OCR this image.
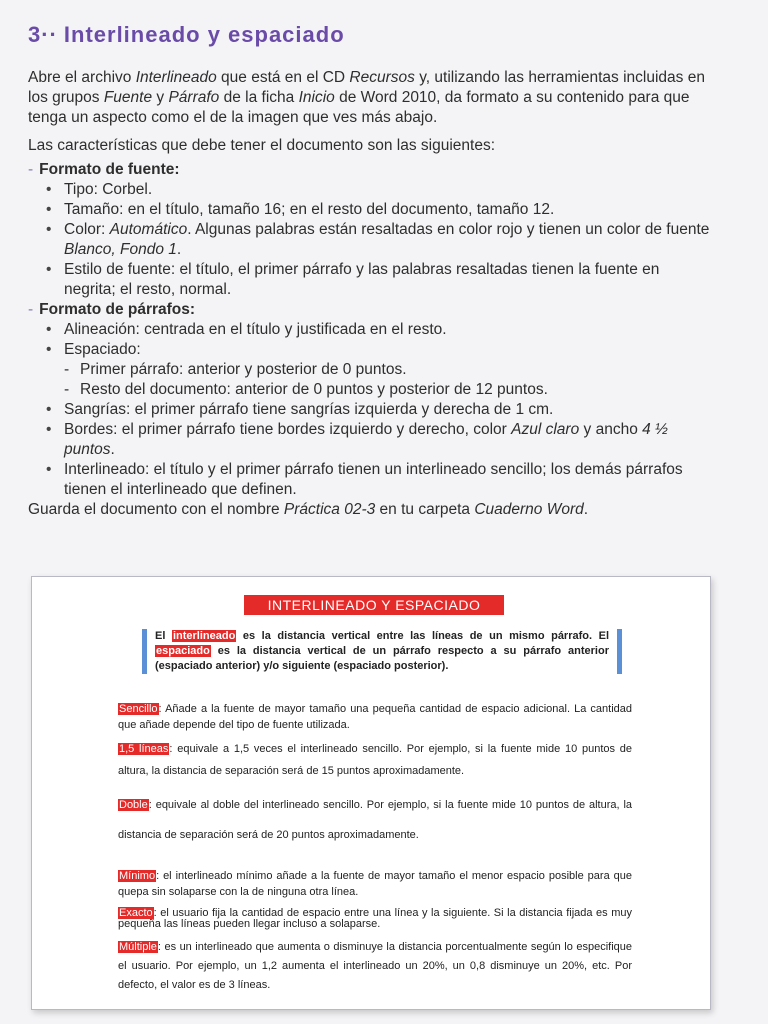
3·· Interlineado y espaciado

Abre el archivo Interlineado que está en el CD Recursos y, utilizando las herramientas incluidas en los grupos Fuente y Párrafo de la ficha Inicio de Word 2010, da formato a su contenido para que tenga un aspecto como el de la imagen que ves más abajo.

Las características que debe tener el documento son las siguientes:

- Formato de fuente:
• Tipo: Corbel.
• Tamaño: en el título, tamaño 16; en el resto del documento, tamaño 12.
• Color: Automático. Algunas palabras están resaltadas en color rojo y tienen un color de fuente Blanco, Fondo 1.
• Estilo de fuente: el título, el primer párrafo y las palabras resaltadas tienen la fuente en negrita; el resto, normal.
- Formato de párrafos:
• Alineación: centrada en el título y justificada en el resto.
• Espaciado:
- Primer párrafo: anterior y posterior de 0 puntos.
- Resto del documento: anterior de 0 puntos y posterior de 12 puntos.
• Sangrías: el primer párrafo tiene sangrías izquierda y derecha de 1 cm.
• Bordes: el primer párrafo tiene bordes izquierdo y derecho, color Azul claro y ancho 4 ½ puntos.
• Interlineado: el título y el primer párrafo tienen un interlineado sencillo; los demás párrafos tienen el interlineado que definen.

Guarda el documento con el nombre Práctica 02-3 en tu carpeta Cuaderno Word.

INTERLINEADO Y ESPACIADO
El interlineado es la distancia vertical entre las líneas de un mismo párrafo. El espaciado es la distancia vertical de un párrafo respecto a su párrafo anterior (espaciado anterior) y/o siguiente (espaciado posterior).
Sencillo: Añade a la fuente de mayor tamaño una pequeña cantidad de espacio adicional. La cantidad que añade depende del tipo de fuente utilizada.
1,5 líneas: equivale a 1,5 veces el interlineado sencillo. Por ejemplo, si la fuente mide 10 puntos de altura, la distancia de separación será de 15 puntos aproximadamente.
Doble: equivale al doble del interlineado sencillo. Por ejemplo, si la fuente mide 10 puntos de altura, la distancia de separación será de 20 puntos aproximadamente.
Mínimo: el interlineado mínimo añade a la fuente de mayor tamaño el menor espacio posible para que quepa sin solaparse con la de ninguna otra línea.
Exacto: el usuario fija la cantidad de espacio entre una línea y la siguiente. Si la distancia fijada es muy pequeña las líneas pueden llegar incluso a solaparse.
Múltiple: es un interlineado que aumenta o disminuye la distancia porcentualmente según lo especifique el usuario. Por ejemplo, un 1,2 aumenta el interlineado un 20%, un 0,8 disminuye un 20%, etc. Por defecto, el valor es de 3 líneas.
